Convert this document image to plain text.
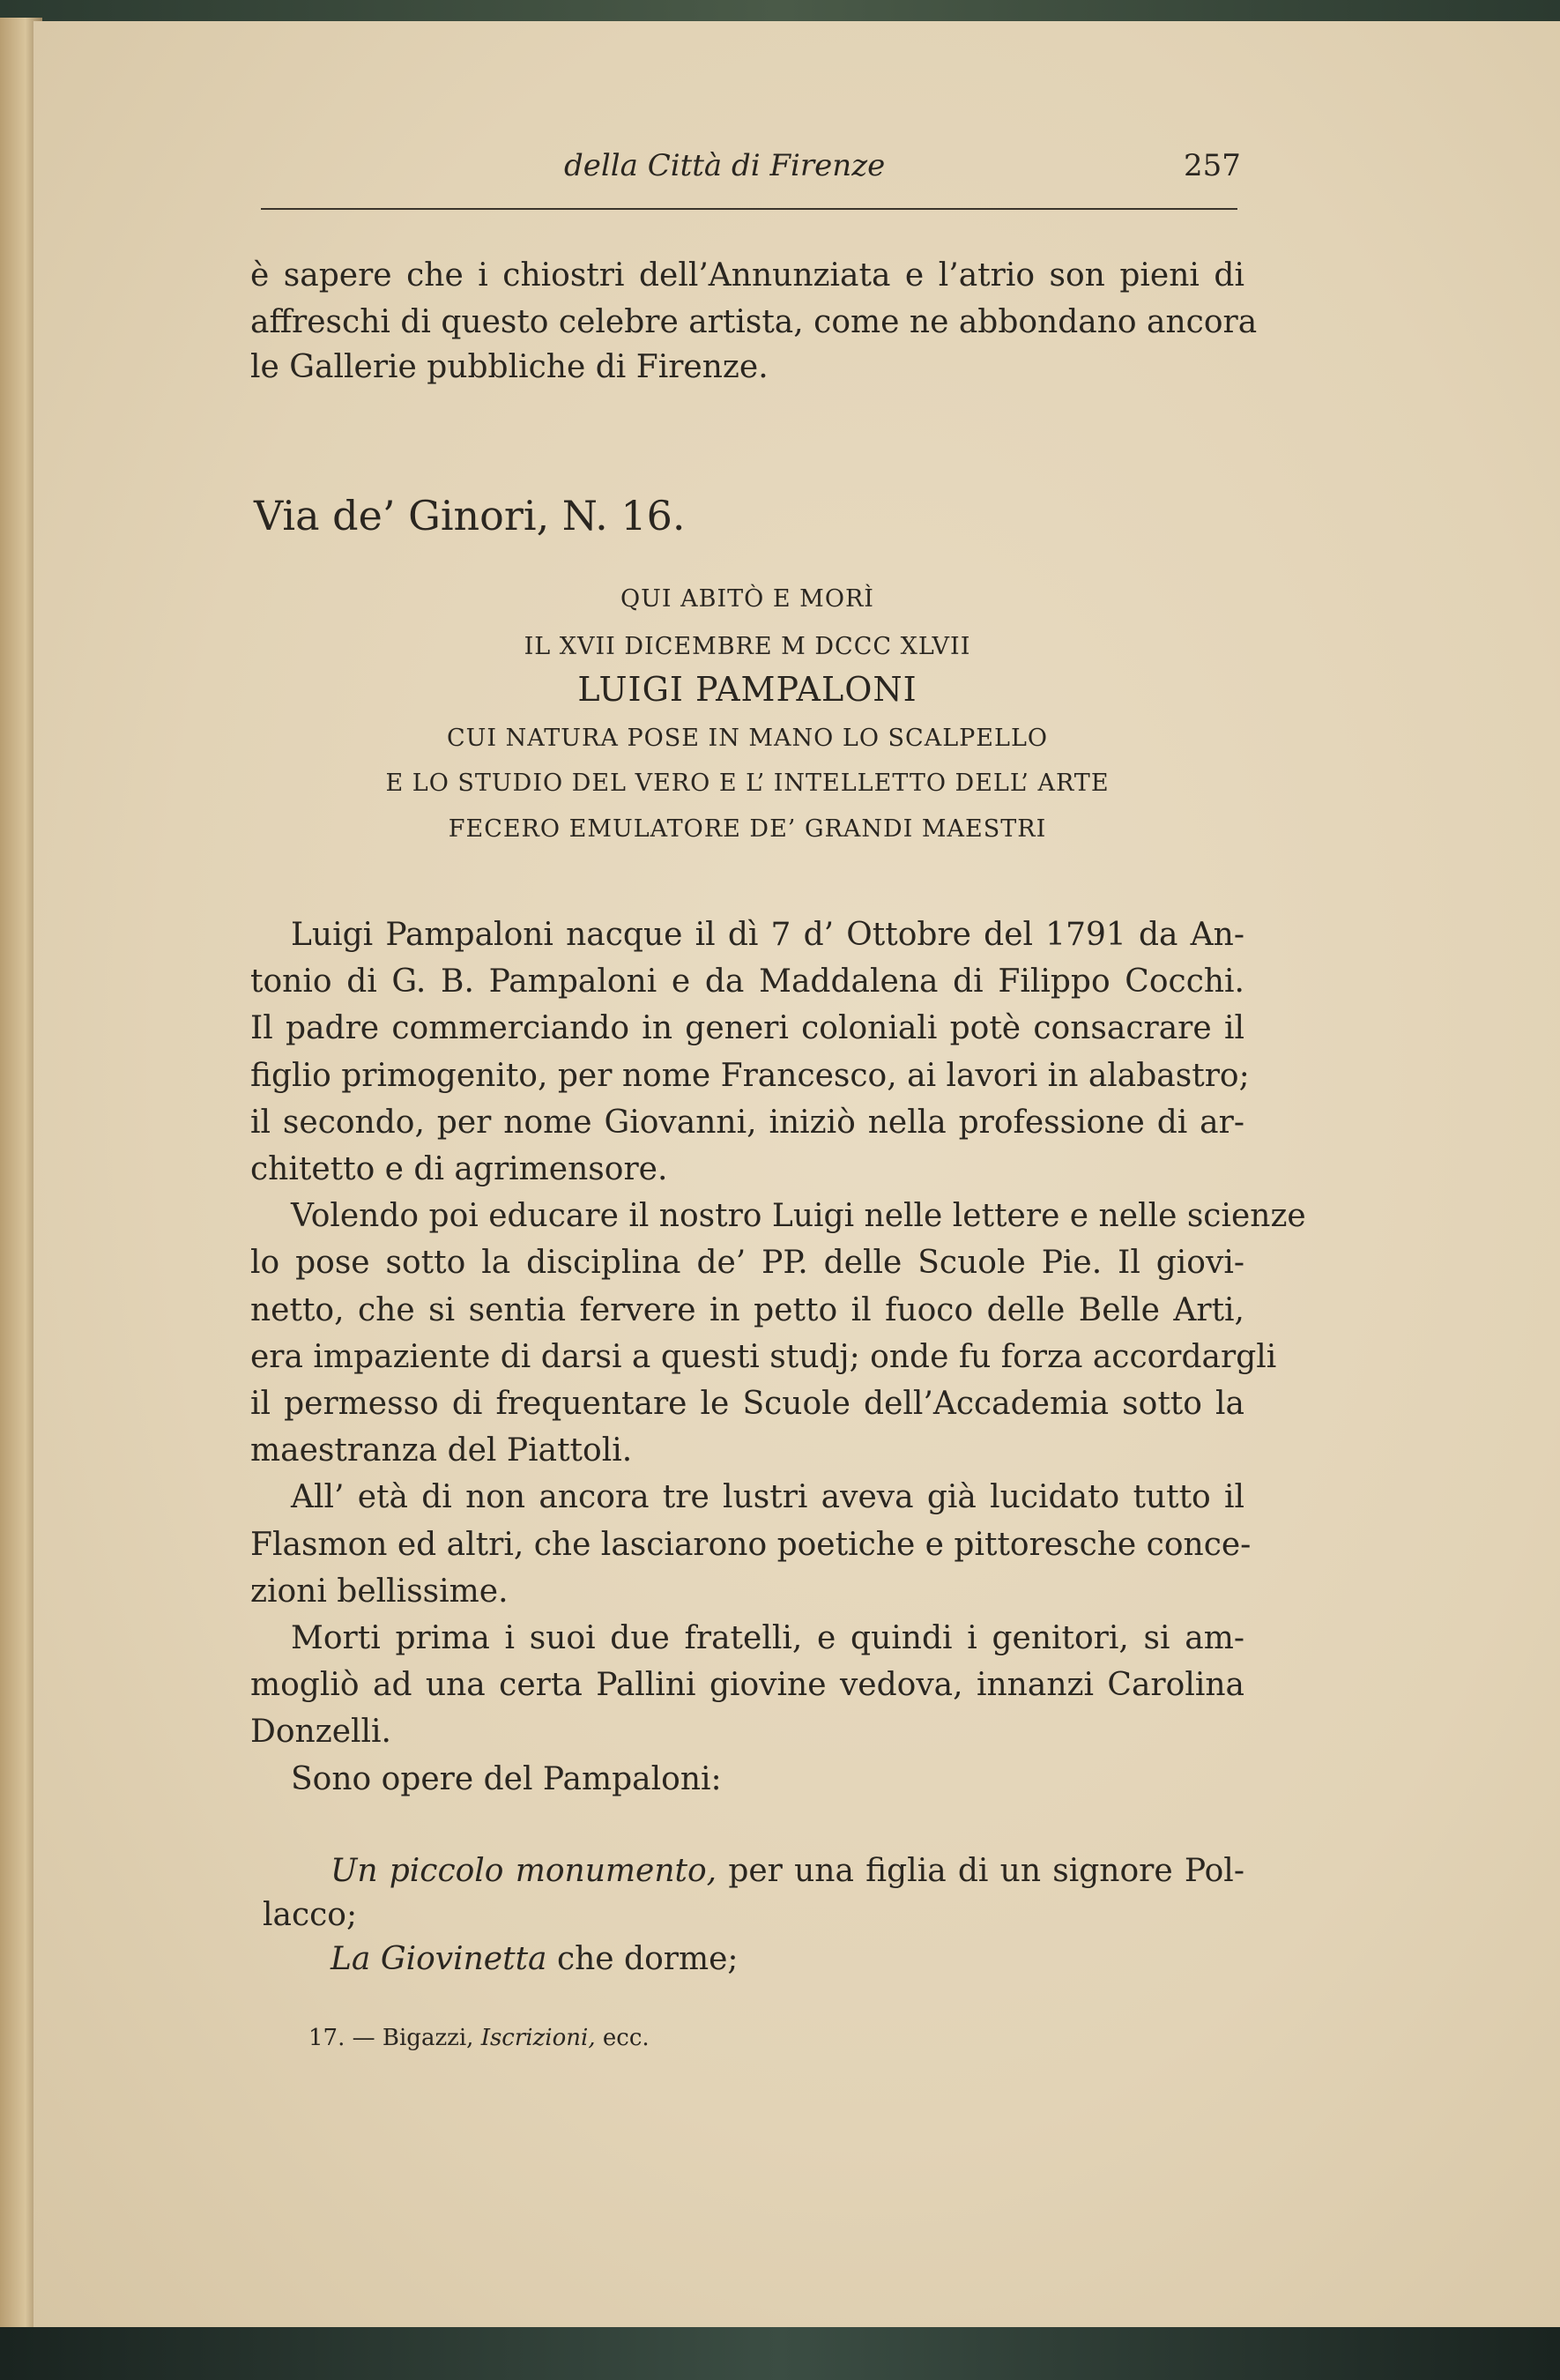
della Città di Firenze	257
è sapere che i chiostri dell’Annunziata e l’atrio son pieni di
affreschi di questo celebre artista, come ne abbondano ancora
le Gallerie pubbliche di Firenze.
Via de’ Ginori, N. 16.
QUI ABITÒ E MORÌ
IL XVII DICEMBRE M DCCC XLVII
LUIGI PAMPALONI
CUI NATURA POSE IN MANO LO SCALPELLO
E LO STUDIO DEL VERO E L’ INTELLETTO DELL’ ARTE
FECERO EMULATORE DE’ GRANDI MAESTRI
Luigi Pampaloni nacque il dì 7 d’ Ottobre del 1791 da An-
tonio di G. B. Pampaloni e da Maddalena di Filippo Cocchi.
Il padre commerciando in generi coloniali potè consacrare il
figlio primogenito, per nome Francesco, ai lavori in alabastro;
il secondo, per nome Giovanni, iniziò nella professione di ar-
chitetto e di agrimensore.
Volendo poi educare il nostro Luigi nelle lettere e nelle scienze
lo pose sotto la disciplina de’ PP. delle Scuole Pie. Il giovi-
netto, che si sentia fervere in petto il fuoco delle Belle Arti,
era impaziente di darsi a questi studj; onde fu forza accordargli
il permesso di frequentare le Scuole dell’Accademia sotto la
maestranza del Piattoli.
All’ età di non ancora tre lustri aveva già lucidato tutto il
Flasmon ed altri, che lasciarono poetiche e pittoresche conce-
zioni bellissime.
Morti prima i suoi due fratelli, e quindi i genitori, si am-
mogliò ad una certa Pallini giovine vedova, innanzi Carolina
Donzelli.
Sono opere del Pampaloni:
Un piccolo monumento, per una figlia di un signore Pol-
lacco;
La Giovinetta che dorme;
17. — Bigazzi, Iscrizioni, ecc.
